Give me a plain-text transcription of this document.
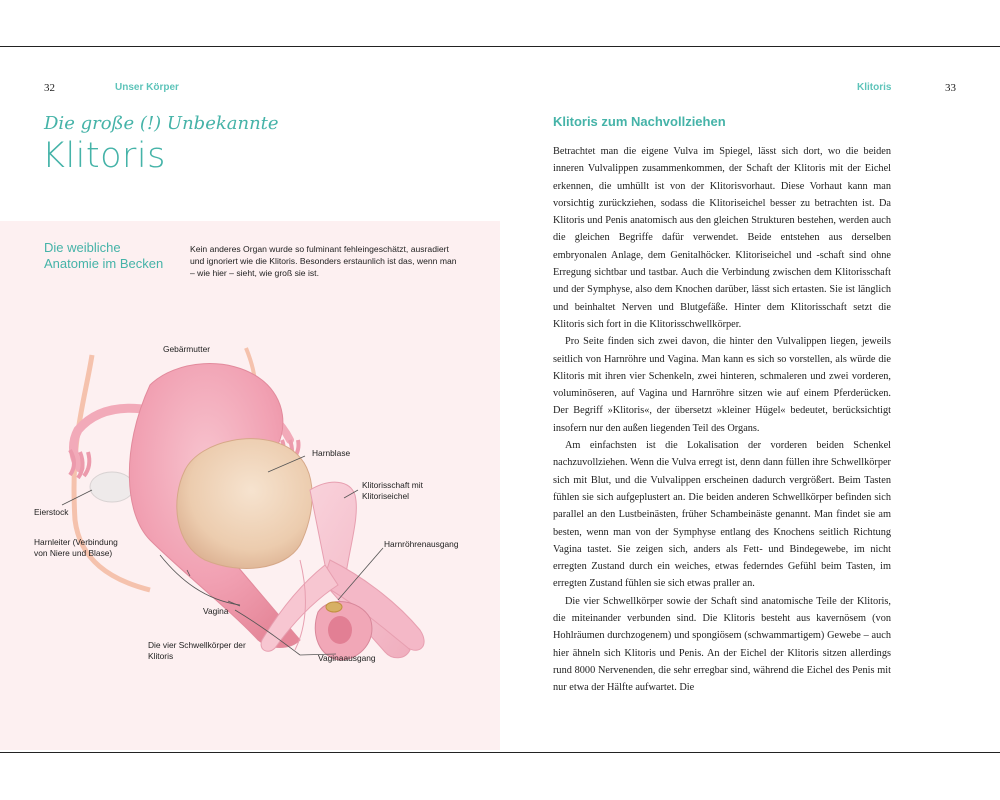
32	Unser Körper
Die große (!) Unbekannte
Klitoris
Die weibliche Anatomie im Becken
Kein anderes Organ wurde so fulminant fehleingeschätzt, ausradiert und ignoriert wie die Klitoris. Besonders erstaunlich ist das, wenn man – wie hier – sieht, wie groß sie ist.
Gebärmutter
Harnblase
Klitorisschaft mit Klitoriseichel
Eierstock
Harnleiter (Verbindung von Niere und Blase)
Harnröhrenausgang
Vagina
Die vier Schwellkörper der Klitoris	Vaginaausgang
Klitoris	33
Klitoris zum Nachvollziehen

Betrachtet man die eigene Vulva im Spiegel, lässt sich dort, wo die beiden inneren Vulvalippen zusammenkommen, der Schaft der Klitoris mit der Eichel erkennen, die umhüllt ist von der Klitorisvorhaut. Diese Vorhaut kann man vorsichtig zurückziehen, sodass die Klitoriseichel besser zu betrachten ist. Da Klitoris und Penis anatomisch aus den gleichen Strukturen bestehen, werden auch die gleichen Begriffe dafür verwendet. Beide entstehen aus derselben embryonalen Anlage, dem Genitalhöcker. Klitoriseichel und -schaft sind ohne Erregung sichtbar und tastbar. Auch die Verbindung zwischen dem Klitorisschaft und der Symphyse, also dem Knochen darüber, lässt sich ertasten. Sie ist länglich und beinhaltet Nerven und Blutgefäße. Hinter dem Klitorisschaft setzt die Klitoris sich fort in die Klitorisschwellkörper.

Pro Seite finden sich zwei davon, die hinter den Vulvalippen liegen, jeweils seitlich von Harnröhre und Vagina. Man kann es sich so vorstellen, als würde die Klitoris mit ihren vier Schenkeln, zwei hinteren, schmaleren und zwei vorderen, voluminöseren, auf Vagina und Harnröhre sitzen wie auf einem Pferderücken. Der Begriff »Klitoris«, der übersetzt »kleiner Hügel« bedeutet, berücksichtigt insofern nur den außen liegenden Teil des Organs.

Am einfachsten ist die Lokalisation der vorderen beiden Schenkel nachzuvollziehen. Wenn die Vulva erregt ist, denn dann füllen ihre Schwellkörper sich mit Blut, und die Vulvalippen erscheinen dadurch vergrößert. Beim Tasten fühlen sie sich aufgeplustert an. Die beiden anderen Schwellkörper befinden sich parallel an den Lustbeinästen, früher Schambeinäste genannt. Man findet sie am besten, wenn man von der Symphyse entlang des Knochens seitlich Richtung Vagina tastet. Sie zeigen sich, anders als Fett- und Bindegewebe, im nicht erregten Zustand durch ein weiches, etwas federndes Gefühl beim Tasten, im erregten Zustand fühlen sie sich etwas praller an.

Die vier Schwellkörper sowie der Schaft sind anatomische Teile der Klitoris, die miteinander verbunden sind. Die Klitoris besteht aus kavernösem (von Hohlräumen durchzogenem) und spongiösem (schwammartigem) Gewebe – auch hier ähneln sich Klitoris und Penis. An der Eichel der Klitoris sitzen allerdings rund 8000 Nervenenden, die sehr erregbar sind, während die Eichel des Penis mit nur etwa der Hälfte aufwartet. Die
